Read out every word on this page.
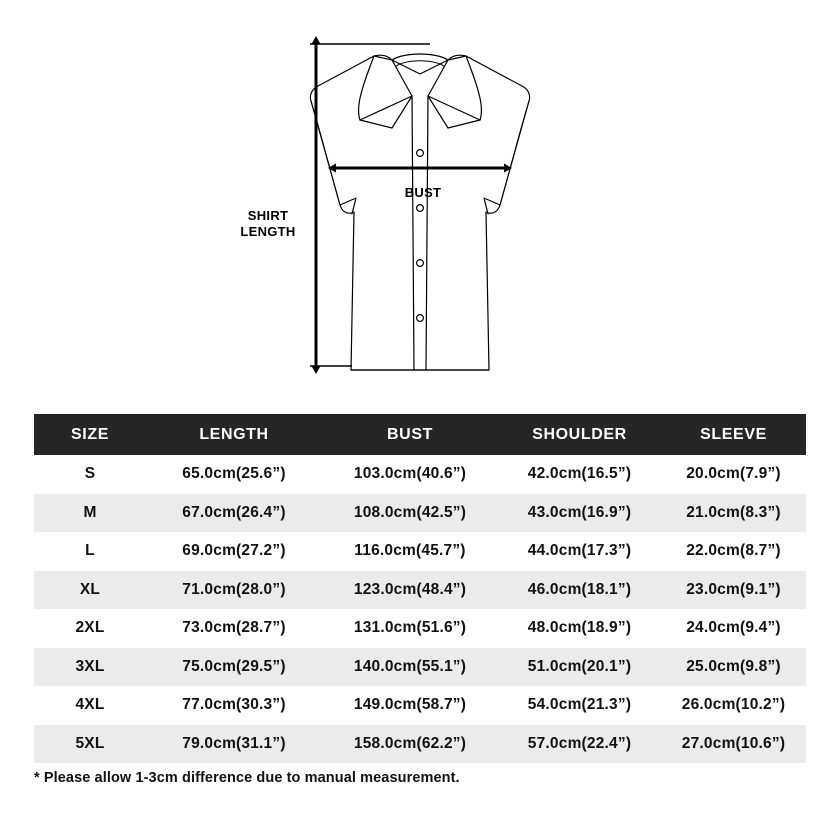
BUST
SHIRT
LENGTH
SIZE	LENGTH	BUST	SHOULDER	SLEEVE
S	65.0cm(25.6”)	103.0cm(40.6”)	42.0cm(16.5”)	20.0cm(7.9”)
M	67.0cm(26.4”)	108.0cm(42.5”)	43.0cm(16.9”)	21.0cm(8.3”)
L	69.0cm(27.2”)	116.0cm(45.7”)	44.0cm(17.3”)	22.0cm(8.7”)
XL	71.0cm(28.0”)	123.0cm(48.4”)	46.0cm(18.1”)	23.0cm(9.1”)
2XL	73.0cm(28.7”)	131.0cm(51.6”)	48.0cm(18.9”)	24.0cm(9.4”)
3XL	75.0cm(29.5”)	140.0cm(55.1”)	51.0cm(20.1”)	25.0cm(9.8”)
4XL	77.0cm(30.3”)	149.0cm(58.7”)	54.0cm(21.3”)	26.0cm(10.2”)
5XL	79.0cm(31.1”)	158.0cm(62.2”)	57.0cm(22.4”)	27.0cm(10.6”)
* Please allow 1-3cm difference due to manual measurement.
